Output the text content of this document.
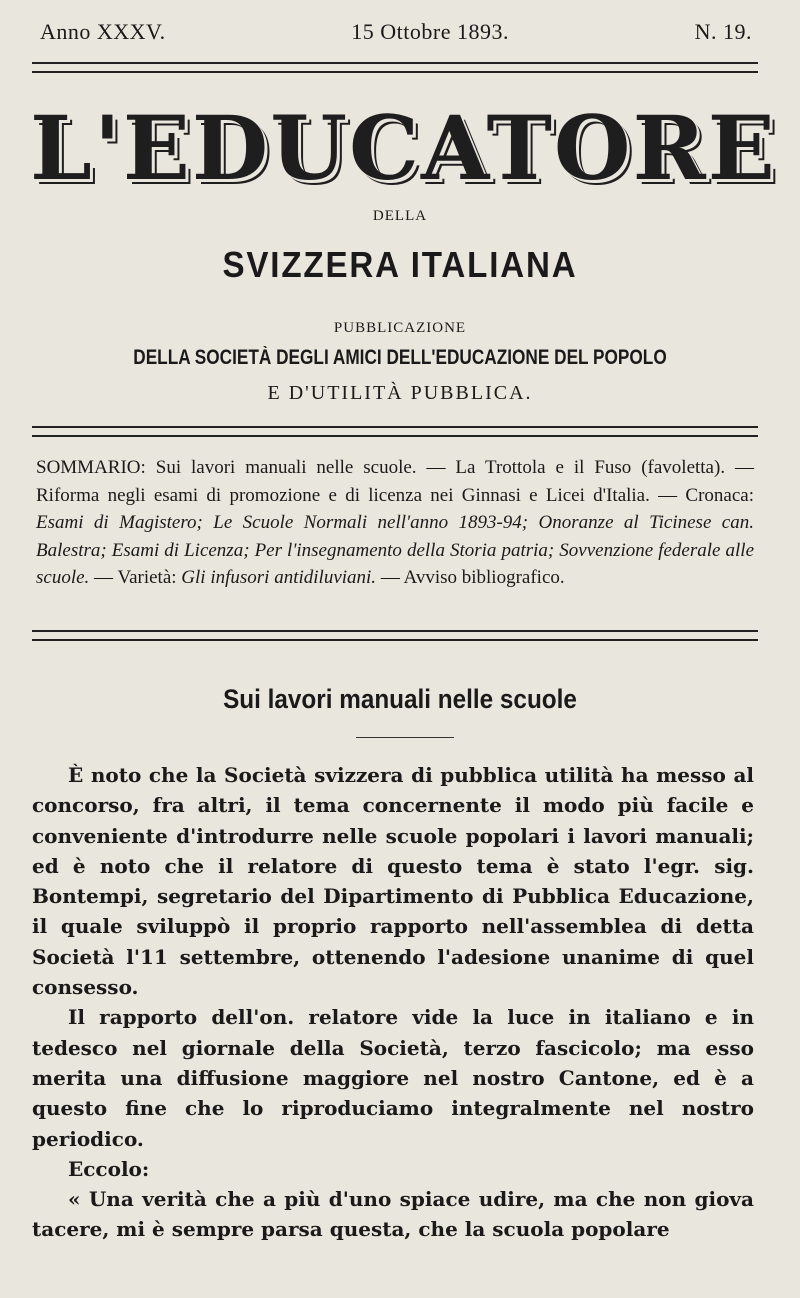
Anno XXXV.	15 Ottobre 1893.	N. 19.
L'EDUCATORE
DELLA
SVIZZERA ITALIANA
PUBBLICAZIONE
DELLA SOCIETÀ DEGLI AMICI DELL'EDUCAZIONE DEL POPOLO
E D'UTILITÀ PUBBLICA.
SOMMARIO: Sui lavori manuali nelle scuole. — La Trottola e il Fuso (favoletta). — Riforma negli esami di promozione e di licenza nei Ginnasi e Licei d'Italia. — Cronaca: Esami di Magistero; Le Scuole Normali nell'anno 1893-94; Onoranze al Ticinese can. Balestra; Esami di Licenza; Per l'insegnamento della Storia patria; Sovvenzione federale alle scuole. — Varietà: Gli infusori antidiluviani. — Avviso bibliografico.
Sui lavori manuali nelle scuole

È noto che la Società svizzera di pubblica utilità ha messo al concorso, fra altri, il tema concernente il modo più facile e conveniente d'introdurre nelle scuole popolari i lavori manuali; ed è noto che il relatore di questo tema è stato l'egr. sig. Bontempi, segretario del Dipartimento di Pubblica Educazione, il quale sviluppò il proprio rapporto nell'assemblea di detta Società l'11 settembre, ottenendo l'adesione unanime di quel consesso.

Il rapporto dell'on. relatore vide la luce in italiano e in tedesco nel giornale della Società, terzo fascicolo; ma esso merita una diffusione maggiore nel nostro Cantone, ed è a questo fine che lo riproduciamo integralmente nel nostro periodico.

Eccolo:

« Una verità che a più d'uno spiace udire, ma che non giova tacere, mi è sempre parsa questa, che la scuola popolare
